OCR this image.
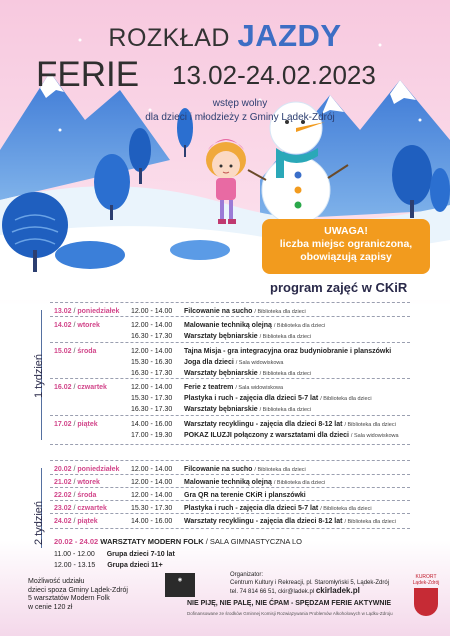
ROZKŁAD JAZDY
FERIE 13.02-24.02.2023
wstęp wolny
dla dzieci i młodzieży z Gminy Lądek-Zdrój
UWAGA!
liczba miejsc ograniczona,
obowiązują zapisy
program zajęć w CKiR
1 tydzień
2 tydzień
13.02 / poniedziałek 12.00 - 14.00 Filcowanie na sucho / Biblioteka dla dzieci
14.02 / wtorek	12.00 - 14.00 Malowanie techniką olejną / Biblioteka dla dzieci
16.30 - 17.30 Warsztaty bębniarskie / Biblioteka dla dzieci
15.02 / środa	12.00 - 14.00 Tajna Misja - gra integracyjna oraz budyniobranie i planszówki
15.30 - 16.30 Joga dla dzieci / Sala widowiskowa
16.30 - 17.30 Warsztaty bębniarskie / Biblioteka dla dzieci
16.02 / czwartek	12.00 - 14.00 Ferie z teatrem / Sala widowiskowa
15.30 - 17.30 Plastyka i ruch - zajęcia dla dzieci 5-7 lat / Biblioteka dla dzieci
16.30 - 17.30 Warsztaty bębniarskie / Biblioteka dla dzieci
17.02 / piątek	14.00 - 16.00 Warsztaty recyklingu - zajęcia dla dzieci 8-12 lat / Biblioteka dla dzieci
17.00 - 19.30 POKAZ ILUZJI połączony z warsztatami dla dzieci / Sala widowiskowa
20.02 / poniedziałek 12.00 - 14.00 Filcowanie na sucho / Biblioteka dla dzieci
21.02 / wtorek	12.00 - 14.00 Malowanie techniką olejną / Biblioteka dla dzieci
22.02 / środa	12.00 - 14.00 Gra QR na terenie CKiR i planszówki
23.02 / czwartek	15.30 - 17.30 Plastyka i ruch - zajęcia dla dzieci 5-7 lat / Biblioteka dla dzieci
24.02 / piątek	14.00 - 16.00 Warsztaty recyklingu - zajęcia dla dzieci 8-12 lat / Biblioteka dla dzieci
20.02 - 24.02 WARSZTATY MODERN FOLK / SALA GIMNASTYCZNA LO
11.00 - 12.00 Grupa dzieci 7-10 lat
12.00 - 13.15 Grupa dzieci 11+
Możliwość udziału
dzieci spoza Gminy Lądek-Zdrój
5 warsztatów Modern Folk
w cenie 120 zł
◉
Organizator:
Centrum Kultury i Rekreacji, pl. Staromłyński 5, Lądek-Zdrój
tel. 74 814 66 51, ckir@ladek.pl ckirladek.pl
KURORT
Lądek-Zdrój
NIE PIJĘ, NIE PALĘ, NIE ĆPAM - SPĘDZAM FERIE AKTYWNIE
Dofinansowane ze środków Gminnej Komisji Rozwiązywania Problemów Alkoholowych w Lądku-Zdroju
